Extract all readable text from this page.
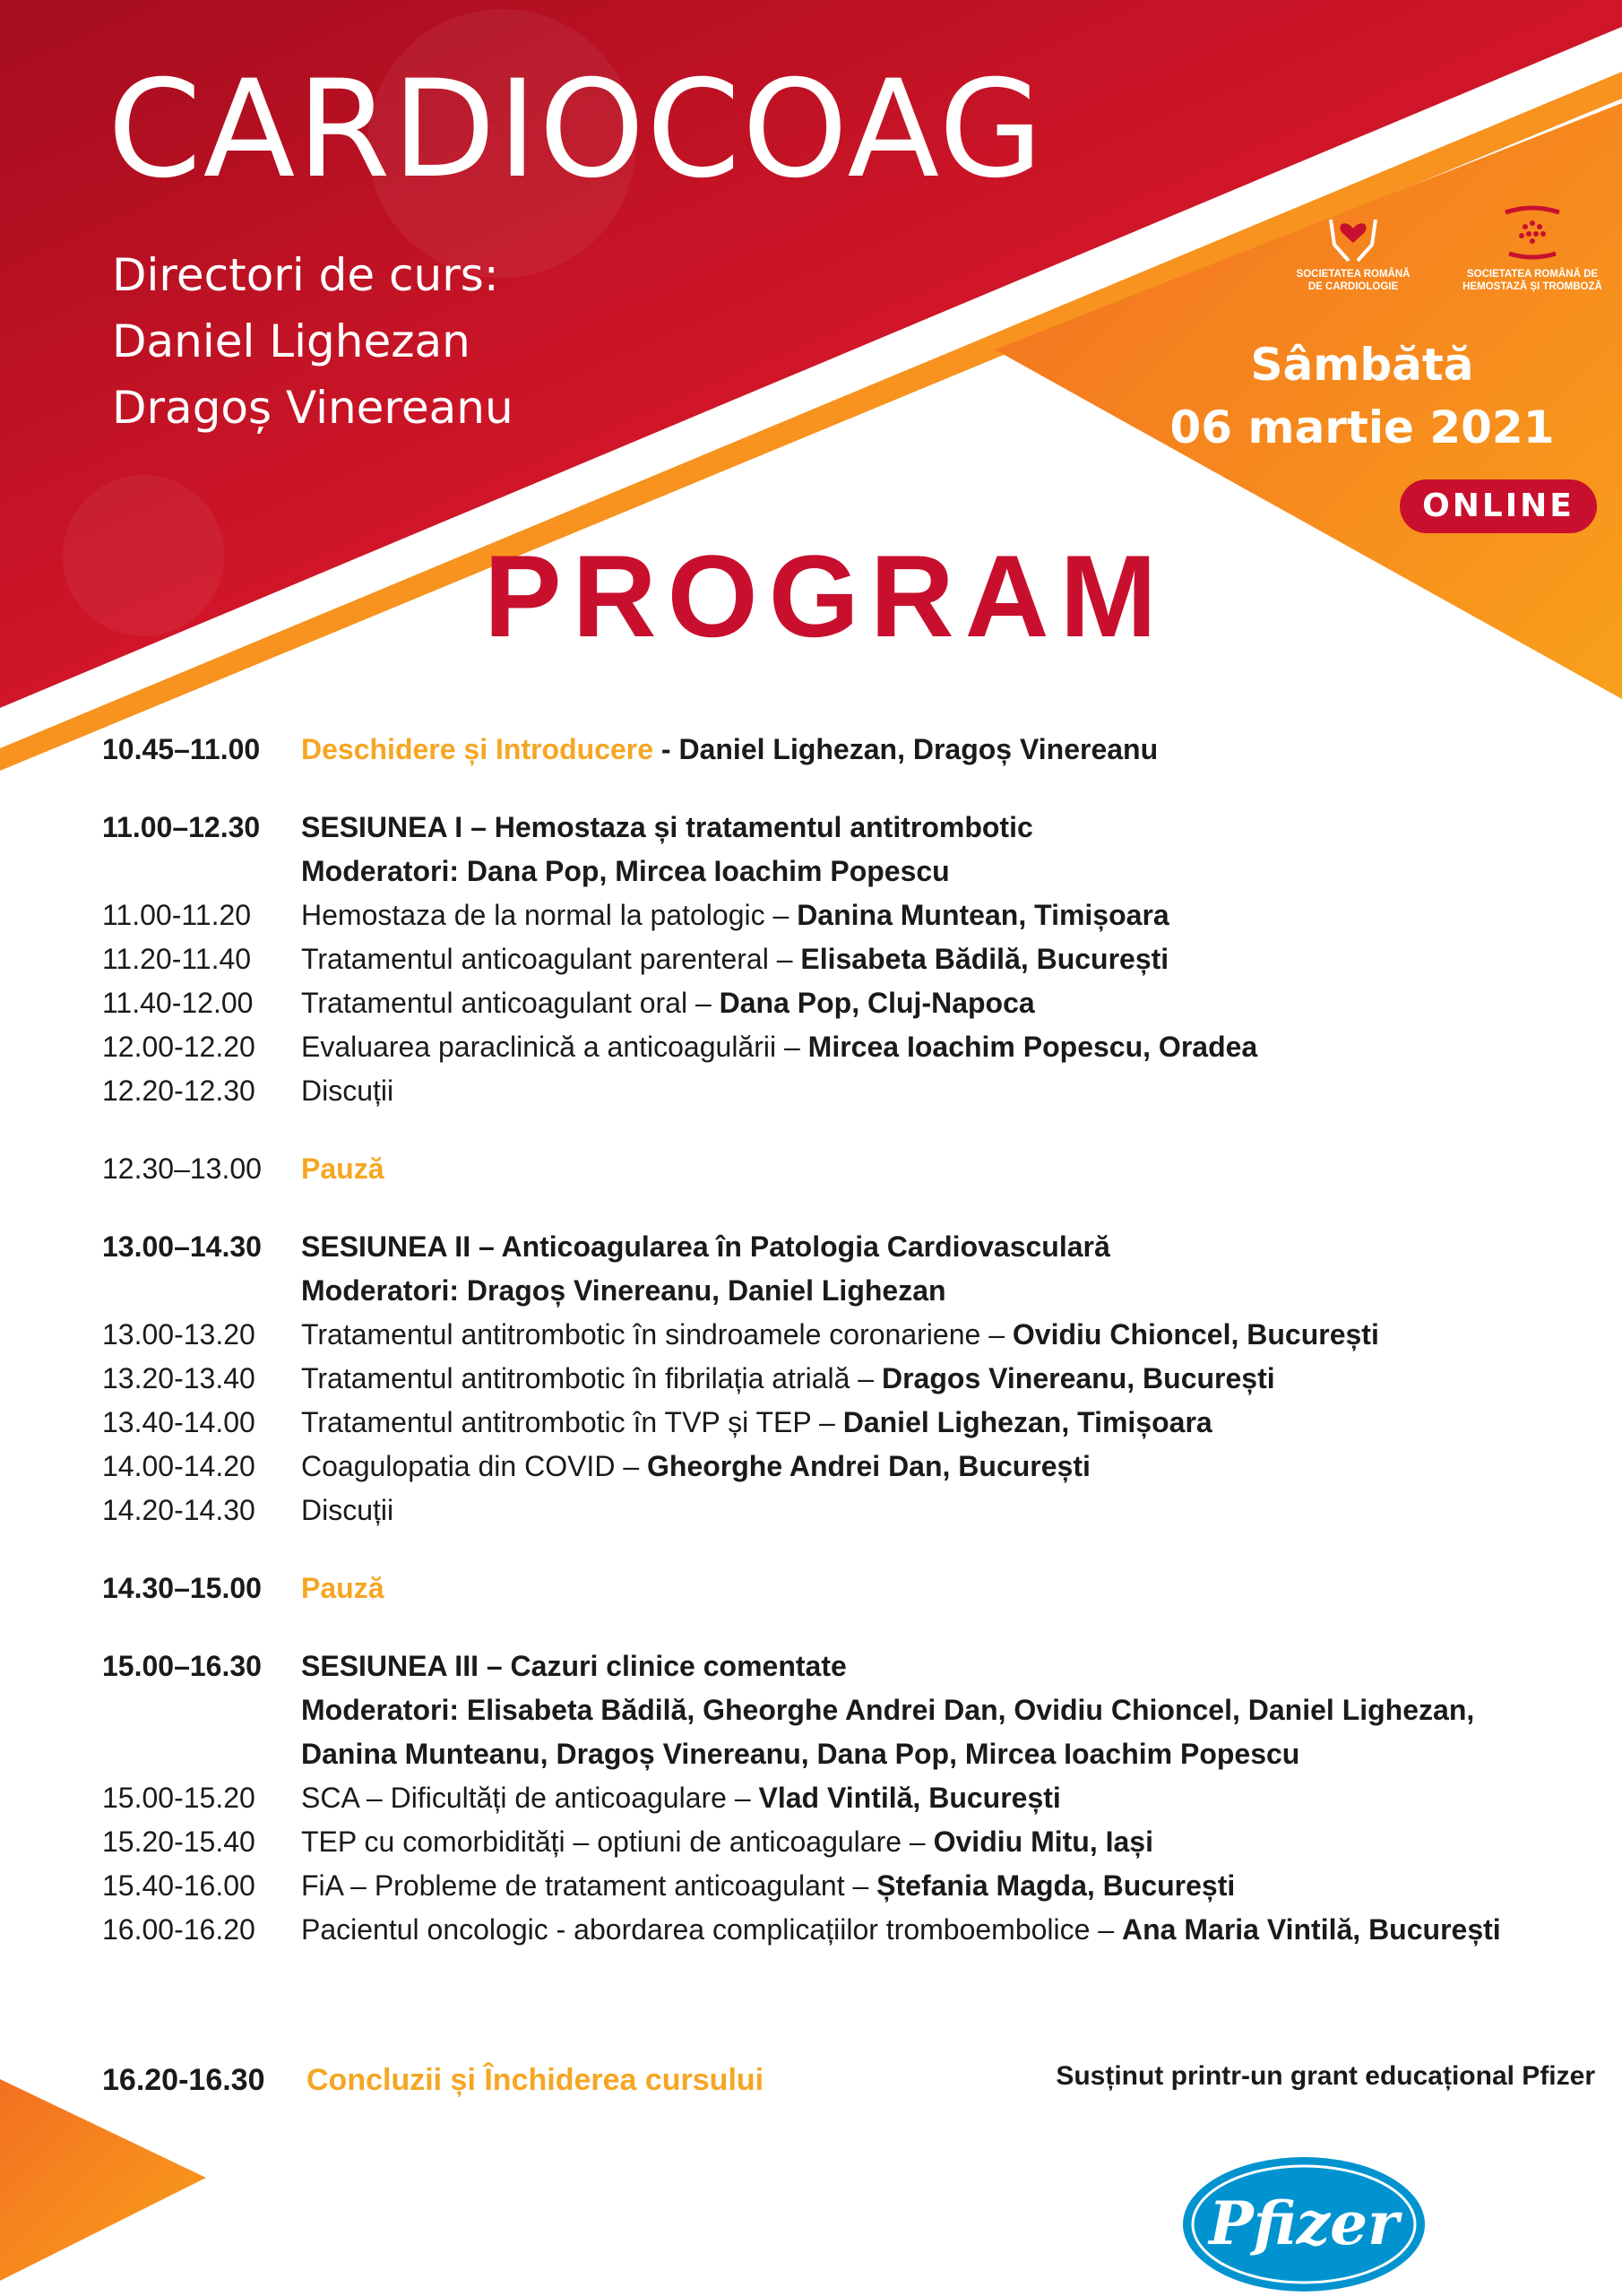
CARDIOCOAG
Directori de curs:
Daniel Lighezan
Dragoș Vinereanu
SOCIETATEA ROMÂNĂ
DE CARDIOLOGIE
SOCIETATEA ROMÂNĂ DE
HEMOSTAZĂ ȘI TROMBOZĂ
Sâmbătă
06 martie 2021
ONLINE
PROGRAM
10.45–11.00	Deschidere și Introducere - Daniel Lighezan, Dragoș Vinereanu
11.00–12.30	SESIUNEA I – Hemostaza și tratamentul antitrombotic
Moderatori: Dana Pop, Mircea Ioachim Popescu
11.00-11.20	Hemostaza de la normal la patologic – Danina Muntean, Timișoara
11.20-11.40	Tratamentul anticoagulant parenteral – Elisabeta Bădilă, București
11.40-12.00	Tratamentul anticoagulant oral – Dana Pop, Cluj-Napoca
12.00-12.20	Evaluarea paraclinică a anticoagulării – Mircea Ioachim Popescu, Oradea
12.20-12.30	Discuții
12.30–13.00	Pauză
13.00–14.30	SESIUNEA II – Anticoagularea în Patologia Cardiovasculară
Moderatori: Dragoș Vinereanu, Daniel Lighezan
13.00-13.20	Tratamentul antitrombotic în sindroamele coronariene – Ovidiu Chioncel, București
13.20-13.40	Tratamentul antitrombotic în fibrilația atrială – Dragos Vinereanu, București
13.40-14.00	Tratamentul antitrombotic în TVP și TEP – Daniel Lighezan, Timișoara
14.00-14.20	Coagulopatia din COVID – Gheorghe Andrei Dan, București
14.20-14.30	Discuții
14.30–15.00	Pauză
15.00–16.30	SESIUNEA III – Cazuri clinice comentate
Moderatori: Elisabeta Bădilă, Gheorghe Andrei Dan, Ovidiu Chioncel, Daniel Lighezan,
Danina Munteanu, Dragoș Vinereanu, Dana Pop, Mircea Ioachim Popescu
15.00-15.20	SCA – Dificultăți de anticoagulare – Vlad Vintilă, București
15.20-15.40	TEP cu comorbidități – optiuni de anticoagulare – Ovidiu Mitu, Iași
15.40-16.00	FiA – Probleme de tratament anticoagulant – Ștefania Magda, București
16.00-16.20	Pacientul oncologic - abordarea complicațiilor tromboembolice – Ana Maria Vintilă, București
16.20-16.30 Concluzii și Închiderea cursului	Susținut printr-un grant educațional Pfizer
Pfizer
